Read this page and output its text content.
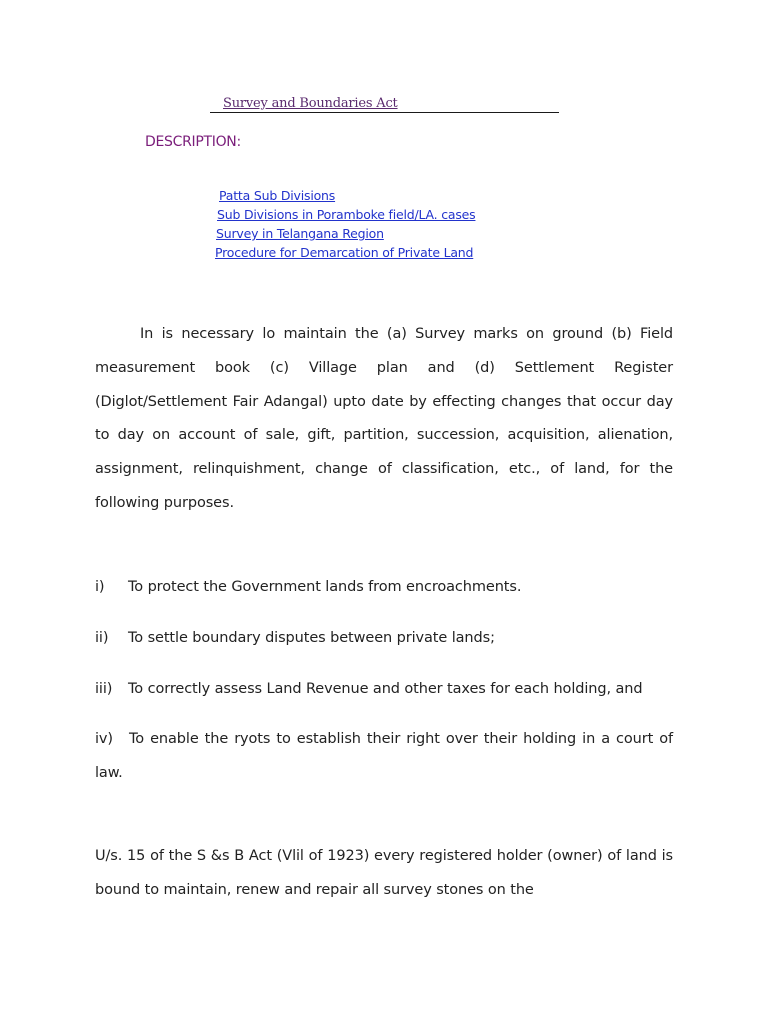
Survey and Boundaries Act
DESCRIPTION:
Patta Sub Divisions
Sub Divisions in Poramboke field/LA. cases
Survey in Telangana Region
Procedure for Demarcation of Private Land

In is necessary lo maintain the (a) Survey marks on ground (b) Field measurement book (c) Village plan and (d) Settlement Register (Diglot/Settlement Fair Adangal) upto date by effecting changes that occur day to day on account of sale, gift, partition, succession, acquisition, alienation, assignment, relinquishment, change of classification, etc., of land, for the following purposes.

i) To protect the Government lands from encroachments.
ii) To settle boundary disputes between private lands;
iii) To correctly assess Land Revenue and other taxes for each holding, and
iv) To enable the ryots to establish their right over their holding in a court of law.

U/s. 15 of the S &s B Act (Vlil of 1923) every registered holder (owner) of land is bound to maintain, renew and repair all survey stones on the
